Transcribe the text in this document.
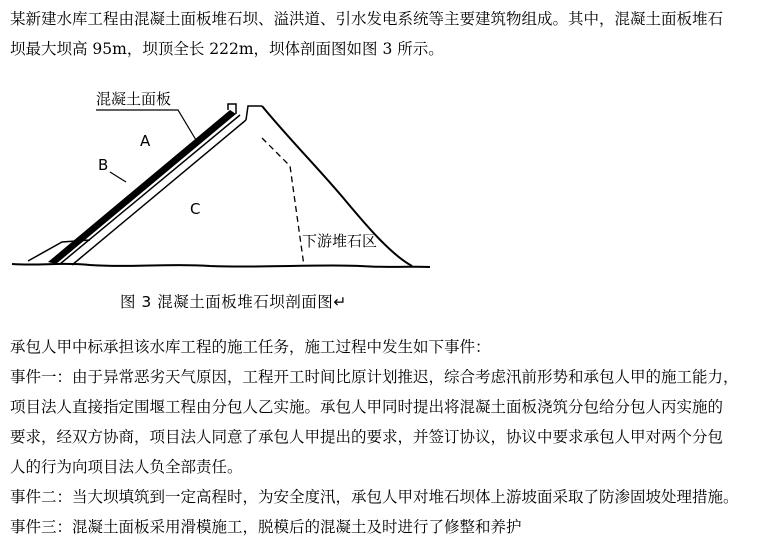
某新建水库工程由混凝土面板堆石坝、溢洪道、引水发电系统等主要建筑物组成。其中，混凝土面板堆石
坝最大坝高 95m，坝顶全长 222m，坝体剖面图如图 3 所示。
混凝土面板
A
B
C
下游堆石区
图 3 混凝土面板堆石坝剖面图↵
承包人甲中标承担该水库工程的施工任务，施工过程中发生如下事件：
事件一：由于异常恶劣天气原因，工程开工时间比原计划推迟，综合考虑汛前形势和承包人甲的施工能力，
项目法人直接指定围堰工程由分包人乙实施。承包人甲同时提出将混凝土面板浇筑分包给分包人丙实施的
要求，经双方协商，项目法人同意了承包人甲提出的要求，并签订协议，协议中要求承包人甲对两个分包
人的行为向项目法人负全部责任。
事件二：当大坝填筑到一定高程时，为安全度汛，承包人甲对堆石坝体上游坡面采取了防渗固坡处理措施。
事件三：混凝土面板采用滑模施工，脱模后的混凝土及时进行了修整和养护
